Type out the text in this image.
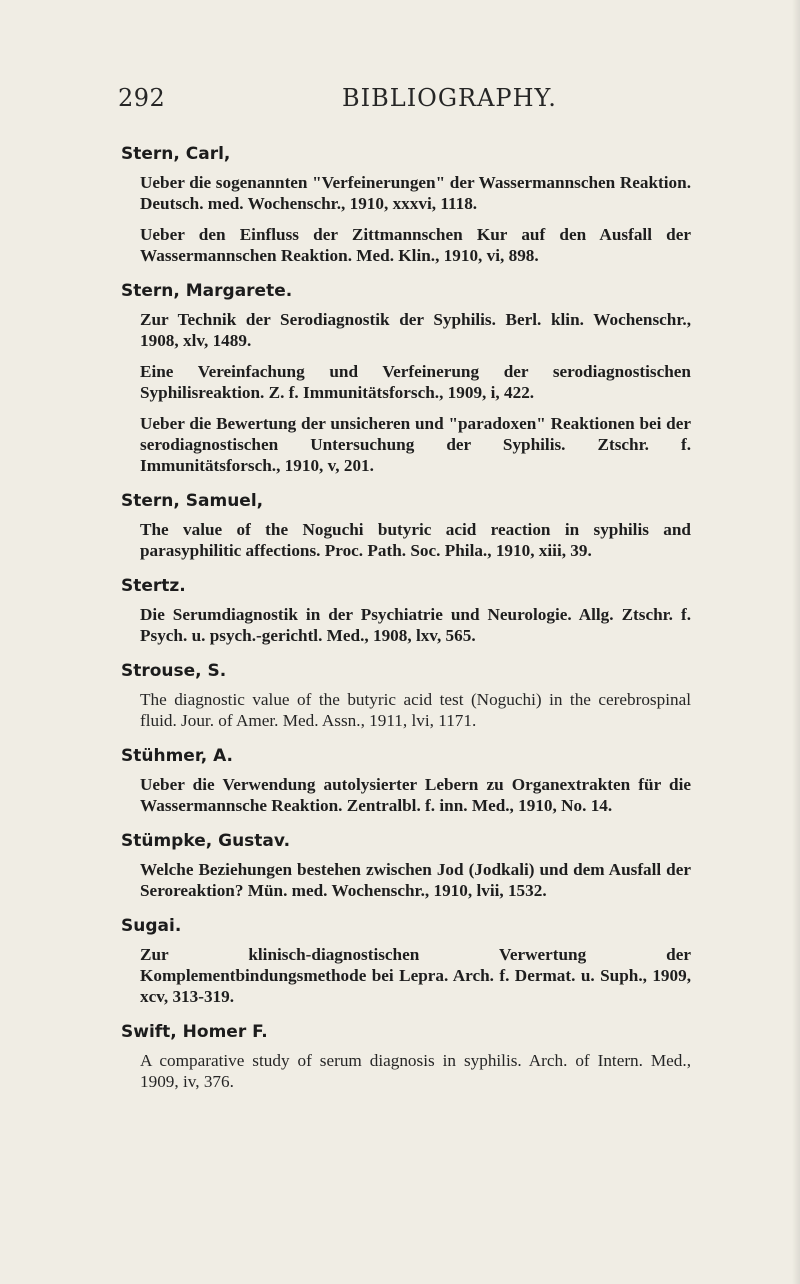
292	BIBLIOGRAPHY.
Stern, Carl,

Ueber die sogenannten "Verfeinerungen" der Wassermannschen Reaktion. Deutsch. med. Wochenschr., 1910, xxxvi, 1118.

Ueber den Einfluss der Zittmannschen Kur auf den Ausfall der Wassermannschen Reaktion. Med. Klin., 1910, vi, 898.

Stern, Margarete.

Zur Technik der Serodiagnostik der Syphilis. Berl. klin. Wochenschr., 1908, xlv, 1489.

Eine Vereinfachung und Verfeinerung der serodiagnostischen Syphilisreaktion. Z. f. Immunitätsforsch., 1909, i, 422.

Ueber die Bewertung der unsicheren und "paradoxen" Reaktionen bei der serodiagnostischen Untersuchung der Syphilis. Ztschr. f. Immunitätsforsch., 1910, v, 201.

Stern, Samuel,

The value of the Noguchi butyric acid reaction in syphilis and parasyphilitic affections. Proc. Path. Soc. Phila., 1910, xiii, 39.

Stertz.

Die Serumdiagnostik in der Psychiatrie und Neurologie. Allg. Ztschr. f. Psych. u. psych.-gerichtl. Med., 1908, lxv, 565.

Strouse, S.

The diagnostic value of the butyric acid test (Noguchi) in the cerebrospinal fluid. Jour. of Amer. Med. Assn., 1911, lvi, 1171.

Stühmer, A.

Ueber die Verwendung autolysierter Lebern zu Organextrakten für die Wassermannsche Reaktion. Zentralbl. f. inn. Med., 1910, No. 14.

Stümpke, Gustav.

Welche Beziehungen bestehen zwischen Jod (Jodkali) und dem Ausfall der Seroreaktion? Mün. med. Wochenschr., 1910, lvii, 1532.

Sugai.

Zur klinisch-diagnostischen Verwertung der Komplementbindungsmethode bei Lepra. Arch. f. Dermat. u. Suph., 1909, xcv, 313-319.

Swift, Homer F.

A comparative study of serum diagnosis in syphilis. Arch. of Intern. Med., 1909, iv, 376.
